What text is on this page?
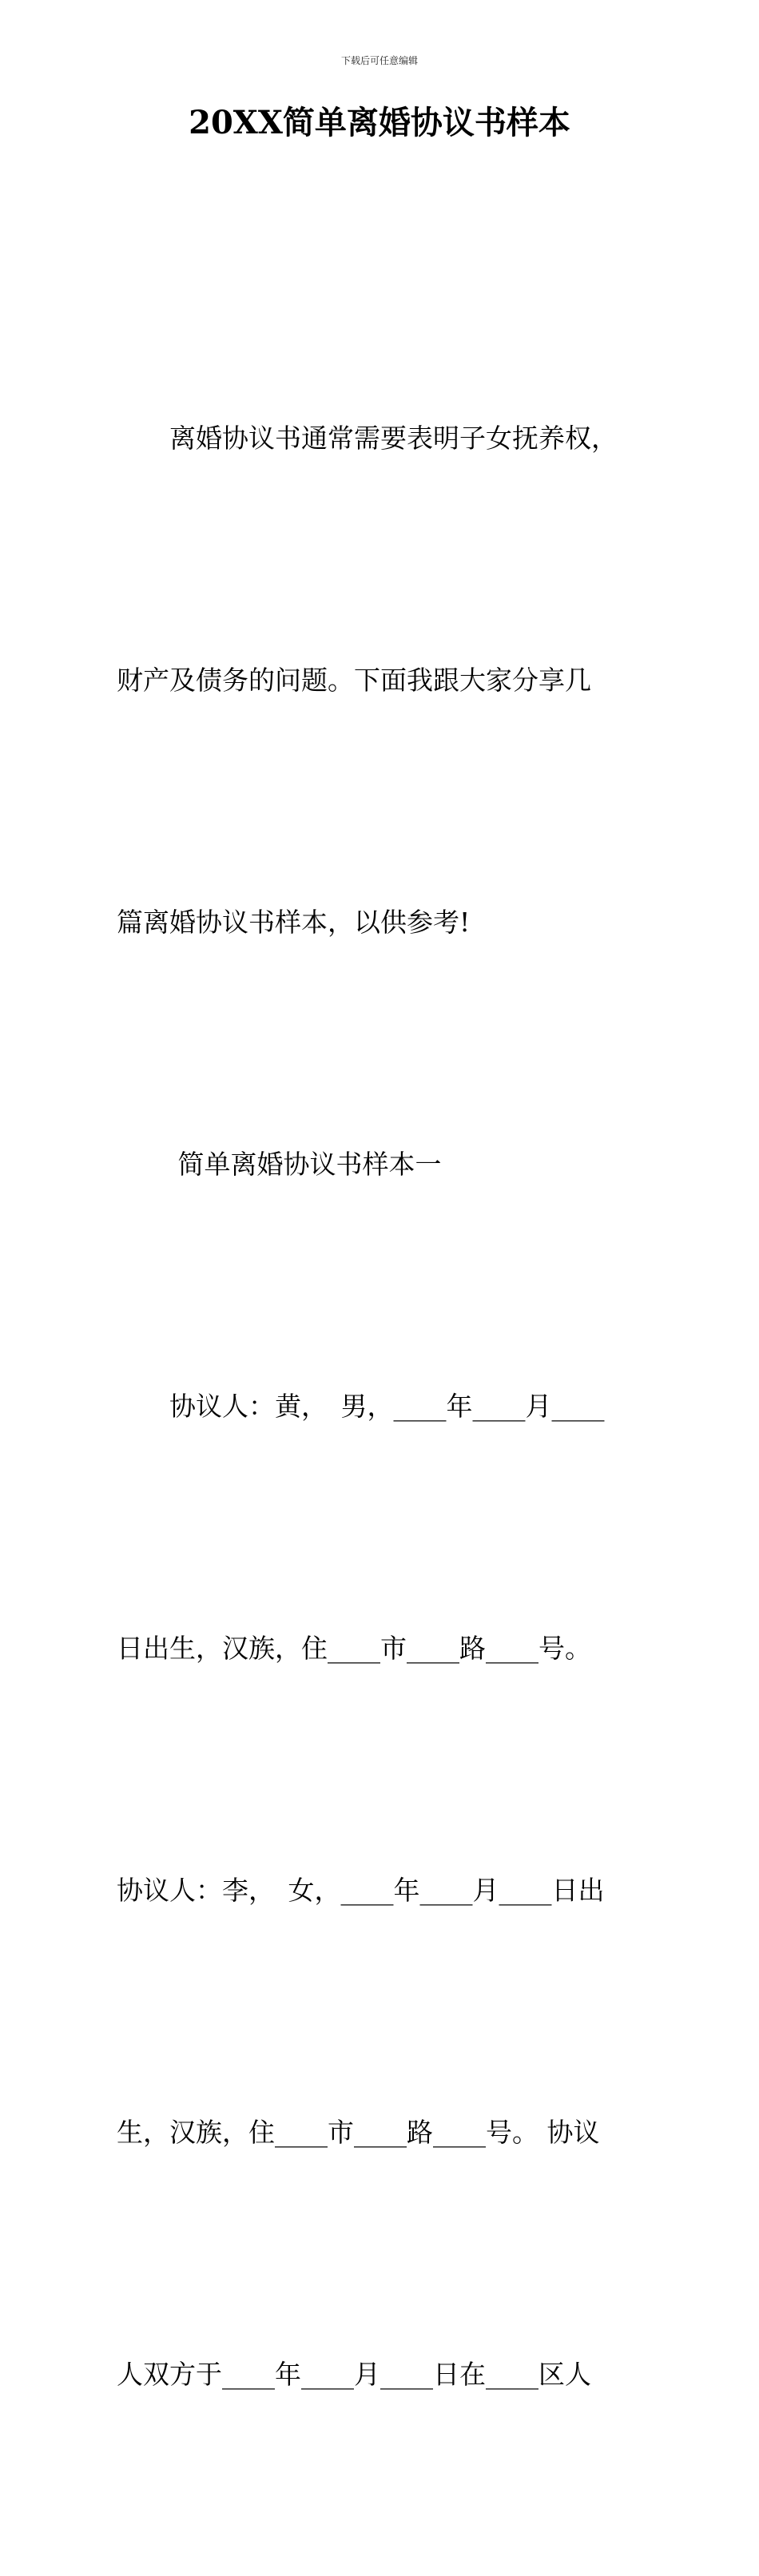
下载后可任意编辑
20XX简单离婚协议书样本

　　离婚协议书通常需要表明子女抚养权，

财产及债务的问题。下面我跟大家分享几

篇离婚协议书样本，以供参考!

　　 简单离婚协议书样本一

　　协议人：黄，　男，____年____月____

日出生，汉族，住____市____路____号。

协议人：李，　女，____年____月____日出

生，汉族，住____市____路____号。 协议

人双方于____年____月____日在____区人
